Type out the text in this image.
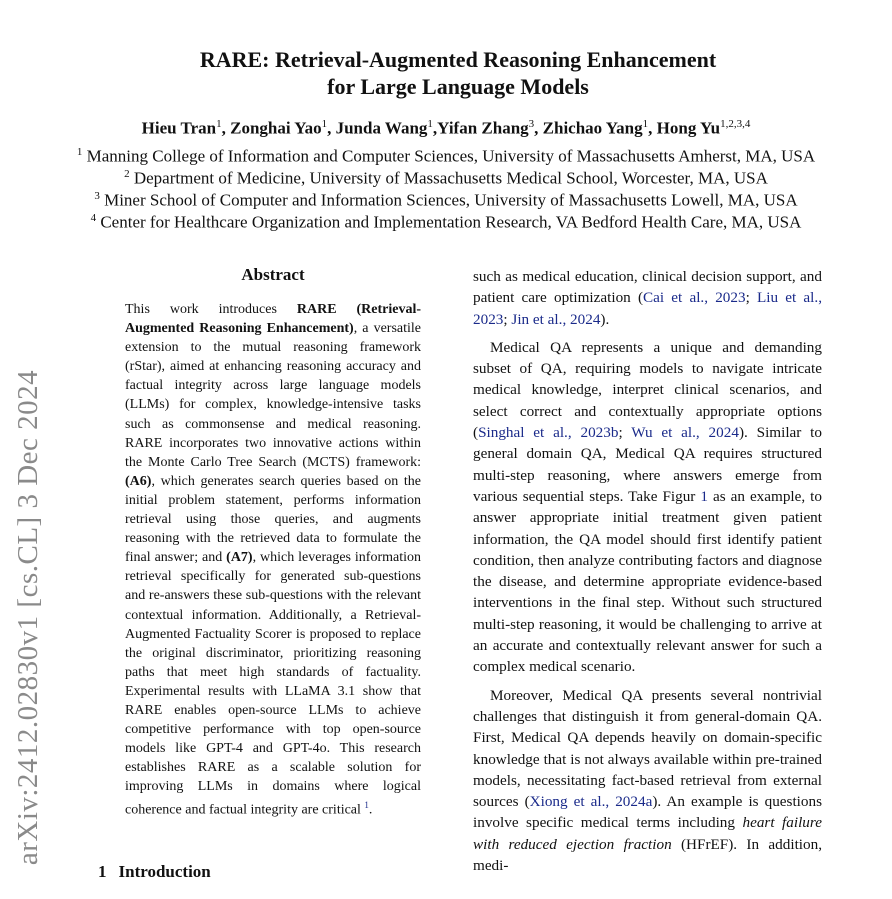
arXiv:2412.02830v1 [cs.CL] 3 Dec 2024
RARE: Retrieval-Augmented Reasoning Enhancement
for Large Language Models
Hieu Tran$^1$, Zonghai Yao$^1$, Junda Wang$^1$,Yifan Zhang$^3$, Zhichao Yang$^1$, Hong Yu$^{1,2,3,4}$
$^1$ Manning College of Information and Computer Sciences, University of Massachusetts Amherst, MA, USA
$^2$ Department of Medicine, University of Massachusetts Medical School, Worcester, MA, USA
$^3$ Miner School of Computer and Information Sciences, University of Massachusetts Lowell, MA, USA
$^4$ Center for Healthcare Organization and Implementation Research, VA Bedford Health Care, MA, USA
Abstract
This work introduces RARE (Retrieval-Augmented Reasoning Enhancement), a versatile extension to the mutual reasoning framework (rStar), aimed at enhancing reasoning accuracy and factual integrity across large language models (LLMs) for complex, knowledge-intensive tasks such as commonsense and medical reasoning. RARE incorporates two innovative actions within the Monte Carlo Tree Search (MCTS) framework: (A6), which generates search queries based on the initial problem statement, performs information retrieval using those queries, and augments reasoning with the retrieved data to formulate the final answer; and (A7), which leverages information retrieval specifically for generated sub-questions and re-answers these sub-questions with the relevant contextual information. Additionally, a Retrieval-Augmented Factuality Scorer is proposed to replace the original discriminator, prioritizing reasoning paths that meet high standards of factuality. Experimental results with LLaMA 3.1 show that RARE enables open-source LLMs to achieve competitive performance with top open-source models like GPT-4 and GPT-4o. This research establishes RARE as a scalable solution for improving LLMs in domains where logical coherence and factual integrity are critical $^1$.
1 Introduction

such as medical education, clinical decision support, and patient care optimization (Cai et al., 2023; Liu et al., 2023; Jin et al., 2024).

Medical QA represents a unique and demanding subset of QA, requiring models to navigate intricate medical knowledge, interpret clinical scenarios, and select correct and contextually appropriate options (Singhal et al., 2023b; Wu et al., 2024). Similar to general domain QA, Medical QA requires structured multi-step reasoning, where answers emerge from various sequential steps. Take Figur 1 as an example, to answer appropriate initial treatment given patient information, the QA model should first identify patient condition, then analyze contributing factors and diagnose the disease, and determine appropriate evidence-based interventions in the final step. Without such structured multi-step reasoning, it would be challenging to arrive at an accurate and contextually relevant answer for such a complex medical scenario.

Moreover, Medical QA presents several nontrivial challenges that distinguish it from general-domain QA. First, Medical QA depends heavily on domain-specific knowledge that is not always available within pre-trained models, necessitating fact-based retrieval from external sources (Xiong et al., 2024a). An example is questions involve specific medical terms including heart failure with reduced ejection fraction (HFrEF). In addition, medi-
